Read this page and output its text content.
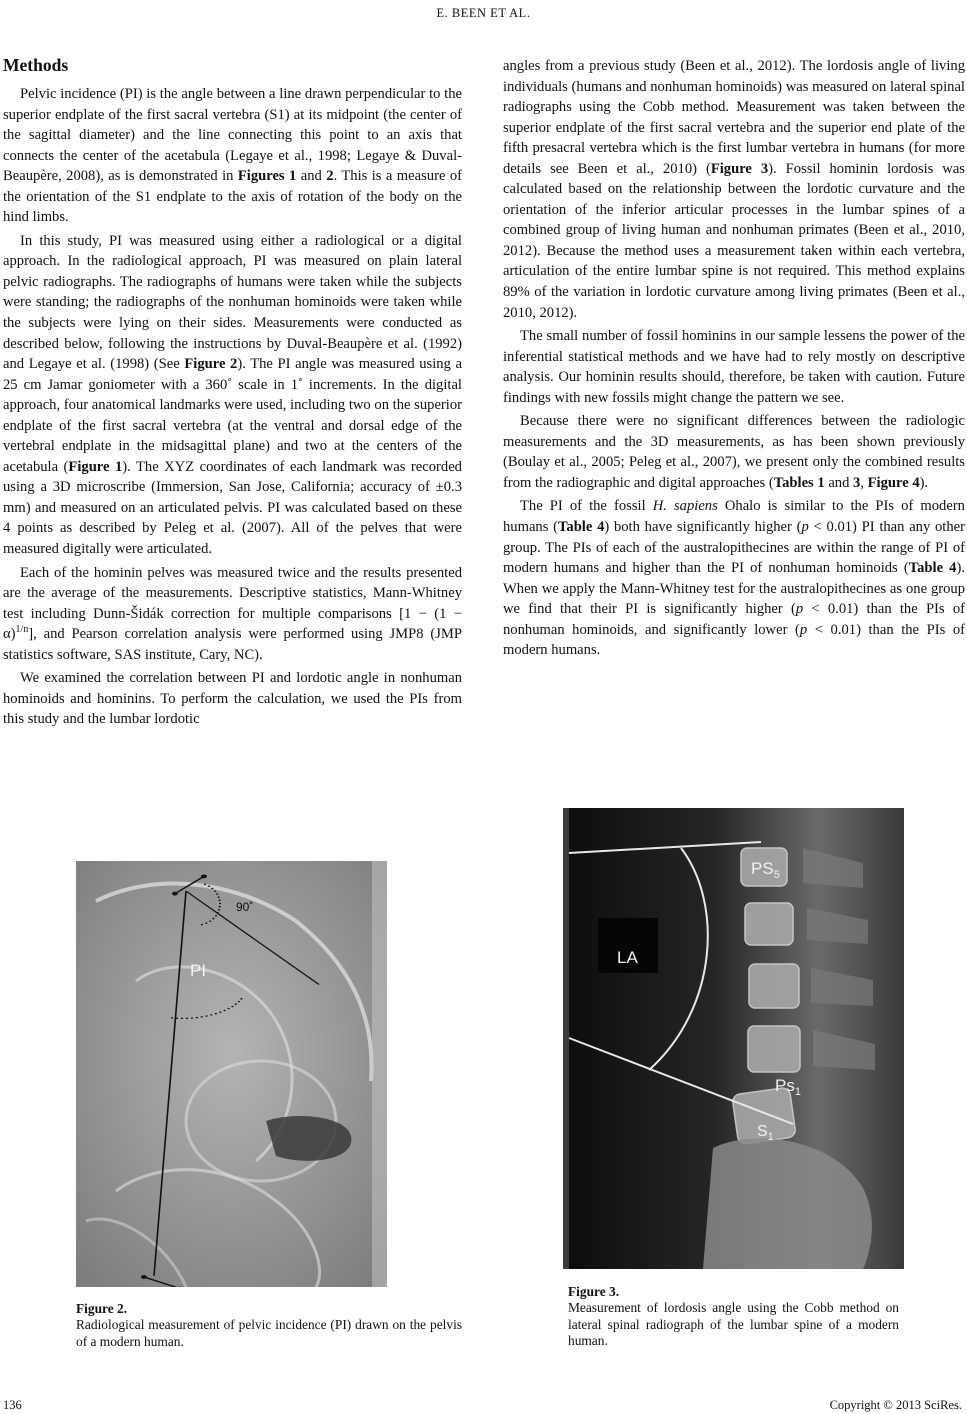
E. BEEN ET AL.
Methods

Pelvic incidence (PI) is the angle between a line drawn perpendicular to the superior endplate of the first sacral vertebra (S1) at its midpoint (the center of the sagittal diameter) and the line connecting this point to an axis that connects the center of the acetabula (Legaye et al., 1998; Legaye & Duval-Beaupère, 2008), as is demonstrated in Figures 1 and 2. This is a measure of the orientation of the S1 endplate to the axis of rotation of the body on the hind limbs.

In this study, PI was measured using either a radiological or a digital approach. In the radiological approach, PI was measured on plain lateral pelvic radiographs. The radiographs of humans were taken while the subjects were standing; the radiographs of the nonhuman hominoids were taken while the subjects were lying on their sides. Measurements were conducted as described below, following the instructions by Duval-Beaupère et al. (1992) and Legaye et al. (1998) (See Figure 2). The PI angle was measured using a 25 cm Jamar goniometer with a 360˚ scale in 1˚ increments. In the digital approach, four anatomical landmarks were used, including two on the superior endplate of the first sacral vertebra (at the ventral and dorsal edge of the vertebral endplate in the midsagittal plane) and two at the centers of the acetabula (Figure 1). The XYZ coordinates of each landmark was recorded using a 3D microscribe (Immersion, San Jose, California; accuracy of ±0.3 mm) and measured on an articulated pelvis. PI was calculated based on these 4 points as described by Peleg et al. (2007). All of the pelves that were measured digitally were articulated.

Each of the hominin pelves was measured twice and the results presented are the average of the measurements. Descriptive statistics, Mann-Whitney test including Dunn-Šidák correction for multiple comparisons $[1 - (1 - \alpha)^{1/n}]$, and Pearson correlation analysis were performed using JMP8 (JMP statistics software, SAS institute, Cary, NC).

We examined the correlation between PI and lordotic angle in nonhuman hominoids and hominins. To perform the calculation, we used the PIs from this study and the lumbar lordotic

angles from a previous study (Been et al., 2012). The lordosis angle of living individuals (humans and nonhuman hominoids) was measured on lateral spinal radiographs using the Cobb method. Measurement was taken between the superior endplate of the first sacral vertebra and the superior end plate of the fifth presacral vertebra which is the first lumbar vertebra in humans (for more details see Been et al., 2010) (Figure 3). Fossil hominin lordosis was calculated based on the relationship between the lordotic curvature and the orientation of the inferior articular processes in the lumbar spines of a combined group of living human and nonhuman primates (Been et al., 2010, 2012). Because the method uses a measurement taken within each vertebra, articulation of the entire lumbar spine is not required. This method explains 89% of the variation in lordotic curvature among living primates (Been et al., 2010, 2012).

The small number of fossil hominins in our sample lessens the power of the inferential statistical methods and we have had to rely mostly on descriptive analysis. Our hominin results should, therefore, be taken with caution. Future findings with new fossils might change the pattern we see.

Because there were no significant differences between the radiologic measurements and the 3D measurements, as has been shown previously (Boulay et al., 2005; Peleg et al., 2007), we present only the combined results from the radiographic and digital approaches (Tables 1 and 3, Figure 4).

The PI of the fossil H. sapiens Ohalo is similar to the PIs of modern humans (Table 4) both have significantly higher (p < 0.01) PI than any other group. The PIs of each of the australopithecines are within the range of PI of modern humans and higher than the PI of nonhuman hominoids (Table 4). When we apply the Mann-Whitney test for the australopithecines as one group we find that their PI is significantly higher (p < 0.01) than the PIs of nonhuman hominoids, and significantly lower (p < 0.01) than the PIs of modern humans.

90˚
PI
$PS_5$
LA
$Ps_1$
$S_1$
Figure 2.
Radiological measurement of pelvic incidence (PI) drawn on the pelvis of a modern human.
Figure 3.
Measurement of lordosis angle using the Cobb method on lateral spinal radiograph of the lumbar spine of a modern human.
136	Copyright © 2013 SciRes.
